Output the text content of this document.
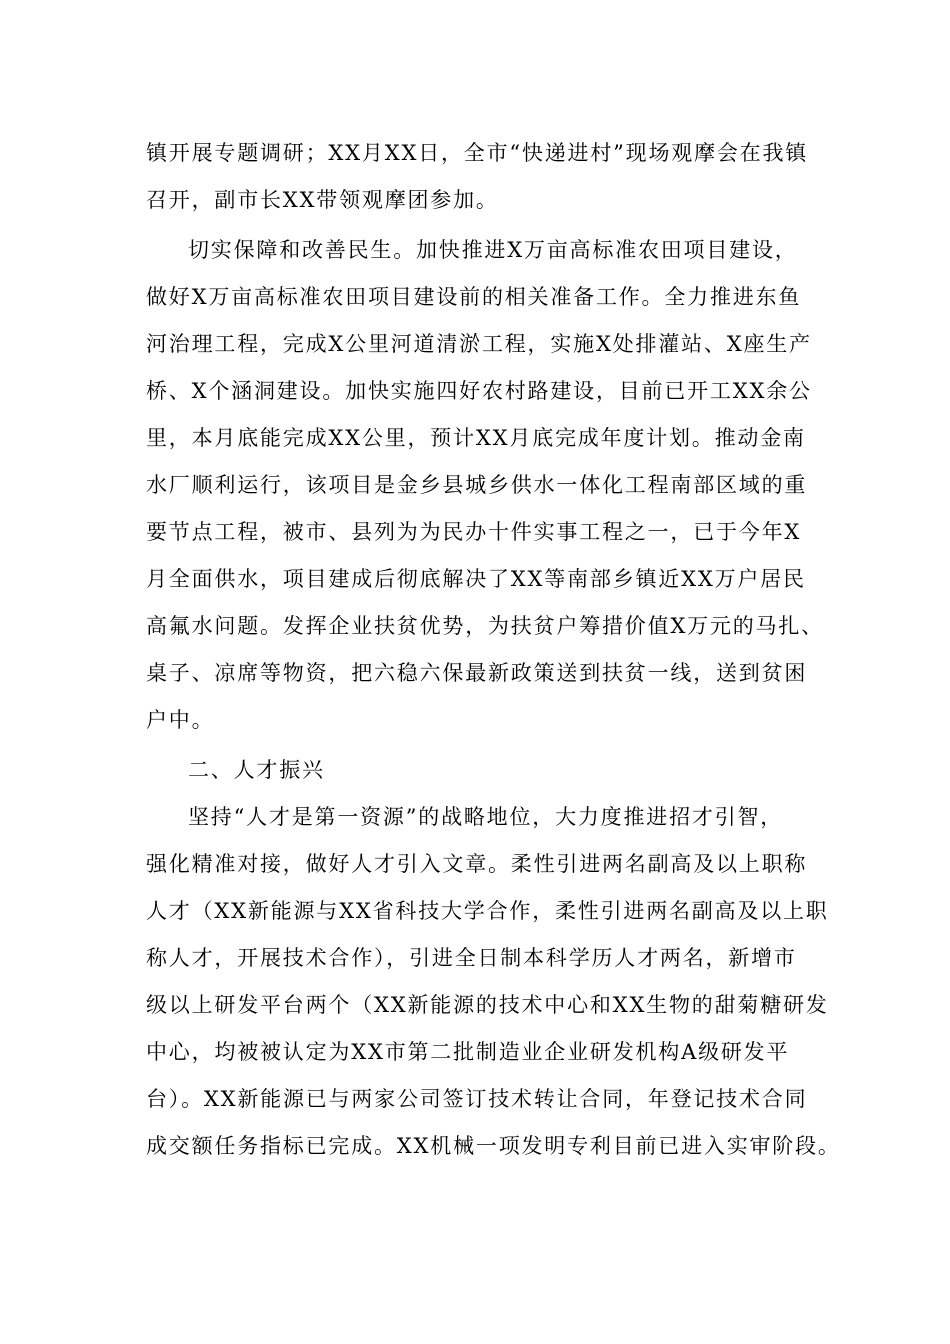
镇开展专题调研；XX月XX日，全市“快递进村”现场观摩会在我镇
召开，副市长XX带领观摩团参加。
切实保障和改善民生。加快推进X万亩高标准农田项目建设，
做好X万亩高标准农田项目建设前的相关准备工作。全力推进东鱼
河治理工程，完成X公里河道清淤工程，实施X处排灌站、X座生产
桥、X个涵洞建设。加快实施四好农村路建设，目前已开工XX余公
里，本月底能完成XX公里，预计XX月底完成年度计划。推动金南
水厂顺利运行，该项目是金乡县城乡供水一体化工程南部区域的重
要节点工程，被市、县列为为民办十件实事工程之一，已于今年X
月全面供水，项目建成后彻底解决了XX等南部乡镇近XX万户居民
高氟水问题。发挥企业扶贫优势，为扶贫户筹措价值X万元的马扎、
桌子、凉席等物资，把六稳六保最新政策送到扶贫一线，送到贫困
户中。
二、人才振兴
坚持“人才是第一资源”的战略地位，大力度推进招才引智，
强化精准对接，做好人才引入文章。柔性引进两名副高及以上职称
人才（XX新能源与XX省科技大学合作，柔性引进两名副高及以上职
称人才，开展技术合作），引进全日制本科学历人才两名，新增市
级以上研发平台两个（XX新能源的技术中心和XX生物的甜菊糖研发
中心，均被被认定为XX市第二批制造业企业研发机构A级研发平
台）。XX新能源已与两家公司签订技术转让合同，年登记技术合同
成交额任务指标已完成。XX机械一项发明专利目前已进入实审阶段。
